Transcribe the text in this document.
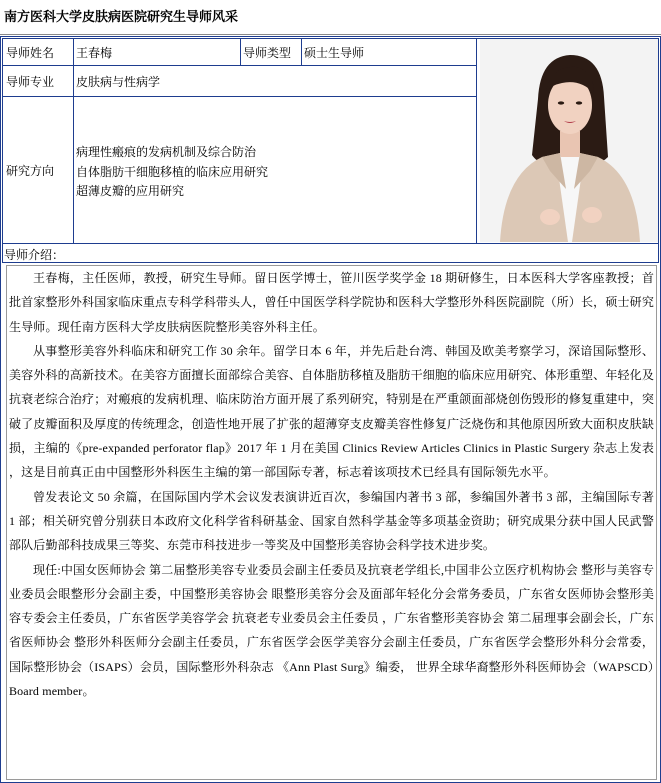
南方医科大学皮肤病医院研究生导师风采
导师姓名 王春梅	导师类型 硕士生导师
导师专业 皮肤病与性病学
研究方向
病理性瘢痕的发病机制及综合防治
自体脂肪干细胞移植的临床应用研究
超薄皮瓣的应用研究
导师介绍：

王春梅，主任医师，教授，研究生导师。留日医学博士，笹川医学奖学金 18 期研修生，日本医科大学客座教授；首批首家整形外科国家临床重点专科学科带头人，曾任中国医学科学院协和医科大学整形外科医院副院（所）长，硕士研究生导师。现任南方医科大学皮肤病医院整形美容外科主任。

从事整形美容外科临床和研究工作 30 余年。留学日本 6 年，并先后赴台湾、韩国及欧美考察学习，深谙国际整形、美容外科的高新技术。在美容方面擅长面部综合美容、自体脂肪移植及脂肪干细胞的临床应用研究、体形重塑、年轻化及抗衰老综合治疗；对瘢痕的发病机理、临床防治方面开展了系列研究，特别是在严重颌面部烧创伤毁形的修复重建中，突破了皮瓣面积及厚度的传统理念，创造性地开展了扩张的超薄穿支皮瓣美容性修复广泛烧伤和其他原因所致大面积皮肤缺损，主编的《pre-expanded perforator flap》2017 年 1 月在美国 Clinics Review Articles Clinics in Plastic Surgery 杂志上发表 ，这是目前真正由中国整形外科医生主编的第一部国际专著，标志着该项技术已经具有国际领先水平。

曾发表论文 50 余篇，在国际国内学术会议发表演讲近百次，参编国内著书 3 部，参编国外著书 3 部，主编国际专著 1 部；相关研究曾分别获日本政府文化科学省科研基金、国家自然科学基金等多项基金资助；研究成果分获中国人民武警部队后勤部科技成果三等奖、东莞市科技进步一等奖及中国整形美容协会科学技术进步奖。

现任:中国女医师协会 第二届整形美容专业委员会副主任委员及抗衰老学组长,中国非公立医疗机构协会 整形与美容专业委员会眼整形分会副主委，中国整形美容协会 眼整形美容分会及面部年轻化分会常务委员，广东省女医师协会整形美容专委会主任委员，广东省医学美容学会 抗衰老专业委员会主任委员 ，广东省整形美容协会 第二届理事会副会长，广东省医师协会 整形外科医师分会副主任委员，广东省医学会医学美容分会副主任委员，广东省医学会整形外科分会常委，国际整形协会（ISAPS）会员，国际整形外科杂志 《Ann Plast Surg》编委， 世界全球华裔整形外科医师协会（WAPSCD）Board member。
